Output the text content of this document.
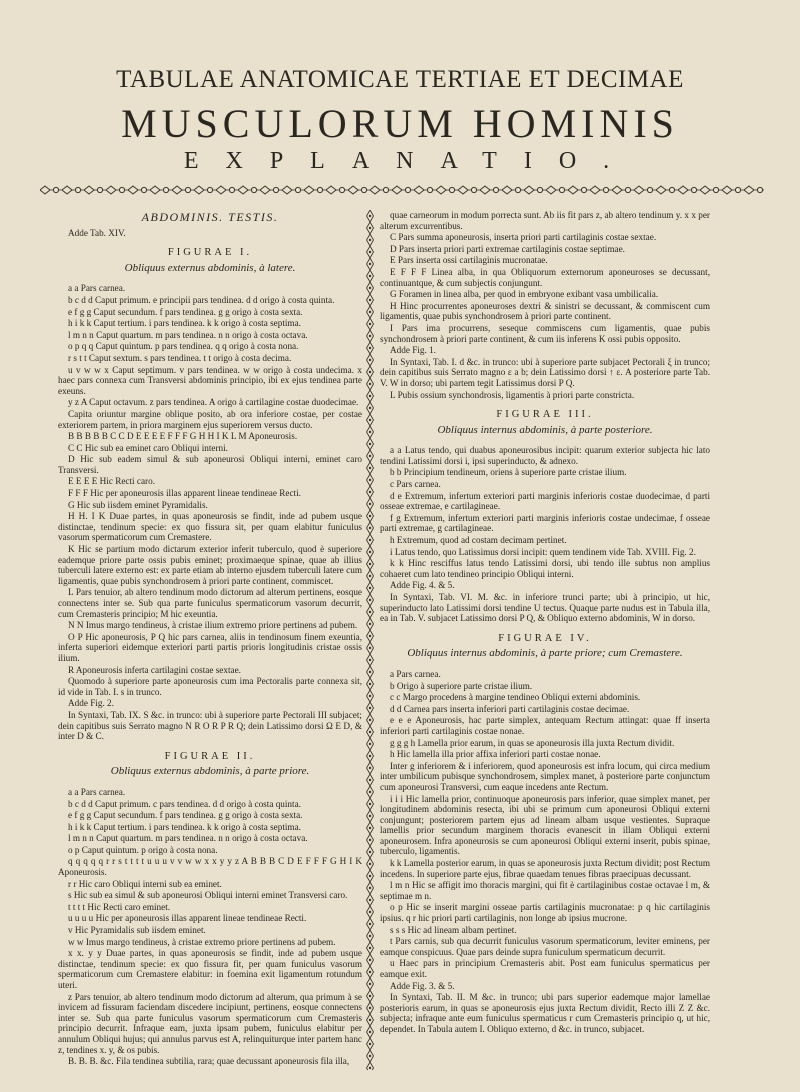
TABULAE ANATOMICAE TERTIAE ET DECIMAE
MUSCULORUM HOMINIS
EXPLANATIO.
ABDOMINIS. TESTIS.

Adde Tab. XIV.

FIGURAE I.
Obliquus externus abdominis, à latere.

a a Pars carnea.

b c d d Caput primum. e principii pars tendinea. d d origo à costa quinta.

e f g g Caput secundum. f pars tendinea. g g origo à costa sexta.

h i k k Caput tertium. i pars tendinea. k k origo à costa septima.

l m n n Caput quartum. m pars tendinea. n n origo à costa octava.

o p q q Caput quintum. p pars tendinea. q q origo à costa nona.

r s t t Caput sextum. s pars tendinea. t t origo à costa decima.

u v w w x Caput septimum. v pars tendinea. w w origo à costa undecima. x haec pars connexa cum Transversi abdominis principio, ibi ex ejus tendinea parte exeuns.

y z A Caput octavum. z pars tendinea. A origo à cartilagine costae duodecimae.

Capita oriuntur margine oblique posito, ab ora inferiore costae, per costae exteriorem partem, in priora marginem ejus superiorem versus ducto.

B B B B B C C D E E E E F F F G H H I K L M Aponeurosis.

C C Hic sub ea eminet caro Obliqui interni.

D Hic sub eadem simul & sub aponeurosi Obliqui interni, eminet caro Transversi.

E E E E Hic Recti caro.

F F F Hic per aponeurosis illas apparent lineae tendineae Recti.

G Hic sub iisdem eminet Pyramidalis.

H H. I K Duae partes, in quas aponeurosis se findit, inde ad pubem usque distinctae, tendinum specie: ex quo fissura sit, per quam elabitur funiculus vasorum spermaticorum cum Cremastere.

K Hic se partium modo dictarum exterior inferit tuberculo, quod è superiore eademque priore parte ossis pubis eminet; proximaeque spinae, quae ab illius tuberculi latere externo est: ex parte etiam ab interno ejusdem tuberculi latere cum ligamentis, quae pubis synchondrosem à priori parte continent, commiscet.

L Pars tenuior, ab altero tendinum modo dictorum ad alterum pertinens, eosque connectens inter se. Sub qua parte funiculus spermaticorum vasorum decurrit, cum Cremasteris principio; M hic exeuntia.

N N Imus margo tendineus, à cristae ilium extremo priore pertinens ad pubem.

O P Hic aponeurosis, P Q hic pars carnea, aliis in tendinosum finem exeuntia, inferta superiori eidemque exteriori parti partis prioris longitudinis cristae ossis ilium.

R Aponeurosis inferta cartilagini costae sextae.

Quomodo à superiore parte aponeurosis cum ima Pectoralis parte connexa sit, id vide in Tab. I. s in trunco.

Adde Fig. 2.

In Syntaxi, Tab. IX. S &c. in trunco: ubi à superiore parte Pectorali III subjacet; dein capitibus suis Serrato magno N R O R P R Q; dein Latissimo dorsi Ω E D, & inter D & C.

FIGURAE II.
Obliquus externus abdominis, à parte priore.

a a Pars carnea.

b c d d Caput primum. c pars tendinea. d d origo à costa quinta.

e f g g Caput secundum. f pars tendinea. g g origo à costa sexta.

h i k k Caput tertium. i pars tendinea. k k origo à costa septima.

l m n n Caput quartum. m pars tendinea. n n origo à costa octava.

o p Caput quintum. p origo à costa nona.

q q q q q r r s t t t t u u u v v w w x x y y z A B B B C D E F F F G H I K Aponeurosis.

r r Hic caro Obliqui interni sub ea eminet.

s Hic sub ea simul & sub aponeurosi Obliqui interni eminet Transversi caro.

t t t t Hic Recti caro eminet.

u u u u Hic per aponeurosis illas apparent lineae tendineae Recti.

v Hic Pyramidalis sub iisdem eminet.

w w Imus margo tendineus, à cristae extremo priore pertinens ad pubem.

x x. y y Duae partes, in quas aponeurosis se findit, inde ad pubem usque distinctae, tendinum specie: ex quo fissura fit, per quam funiculus vasorum spermaticorum cum Cremastere elabitur: in foemina exit ligamentum rotundum uteri.

z Pars tenuior, ab altero tendinum modo dictorum ad alterum, qua primum à se invicem ad fissuram faciendam discedere incipiunt, pertinens, eosque connectens inter se. Sub qua parte funiculus vasorum spermaticorum cum Cremasteris principio decurrit. Infraque eam, juxta ipsam pubem, funiculus elabitur per annulum Obliqui hujus; qui annulus parvus est A, relinquiturque inter partem hanc z, tendines x. y, & os pubis.

B. B. B. &c. Fila tendinea subtilia, rara; quae decussant aponeurosis fila illa,

quae carneorum in modum porrecta sunt. Ab iis fit pars z, ab altero tendinum y. x x per alterum excurrentibus.

C Pars summa aponeurosis, inserta priori parti cartilaginis costae sextae.

D Pars inserta priori parti extremae cartilaginis costae septimae.

E Pars inserta ossi cartilaginis mucronatae.

E F F F Linea alba, in qua Obliquorum externorum aponeuroses se decussant, continuantque, & cum subjectis conjungunt.

G Foramen in linea alba, per quod in embryone exibant vasa umbilicalia.

H Hinc procurrentes aponeuroses dextri & sinistri se decussant, & commiscent cum ligamentis, quae pubis synchondrosem à priori parte continent.

I Pars ima procurrens, seseque commiscens cum ligamentis, quae pubis synchondrosem à priori parte continent, & cum iis inferens K ossi pubis opposito.

Adde Fig. 1.

In Syntaxi, Tab. I. d &c. in trunco: ubi à superiore parte subjacet Pectorali ξ in trunco; dein capitibus suis Serrato magno ε a b; dein Latissimo dorsi ↑ ε. A posteriore parte Tab. V. W in dorso; ubi partem tegit Latissimus dorsi P Q.

L Pubis ossium synchondrosis, ligamentis à priori parte constricta.

FIGURAE III.
Obliquus internus abdominis, à parte posteriore.

a a Latus tendo, qui duabus aponeurosibus incipit: quarum exterior subjecta hic lato tendini Latissimi dorsi i, ipsi superinducto, & adnexo.

b b Principium tendineum, oriens à superiore parte cristae ilium.

c Pars carnea.

d e Extremum, infertum exteriori parti marginis inferioris costae duodecimae, d parti osseae extremae, e cartilagineae.

f g Extremum, infertum exteriori parti marginis inferioris costae undecimae, f osseae parti extremae, g cartilagineae.

h Extremum, quod ad costam decimam pertinet.

i Latus tendo, quo Latissimus dorsi incipit: quem tendinem vide Tab. XVIII. Fig. 2.

k k Hinc resciffus latus tendo Latissimi dorsi, ubi tendo ille subtus non amplius cohaeret cum lato tendineo principio Obliqui interni.

Adde Fig. 4. & 5.

In Syntaxi, Tab. VI. M. &c. in inferiore trunci parte; ubi à principio, ut hic, superinducto lato Latissimi dorsi tendine U tectus. Quaque parte nudus est in Tabula illa, ea in Tab. V. subjacet Latissimo dorsi P Q, & Obliquo externo abdominis, W in dorso.

FIGURAE IV.
Obliquus internus abdominis, à parte priore; cum Cremastere.

a Pars carnea.

b Origo à superiore parte cristae ilium.

c c Margo procedens à margine tendineo Obliqui externi abdominis.

d d Carnea pars inserta inferiori parti cartilaginis costae decimae.

e e e Aponeurosis, hac parte simplex, antequam Rectum attingat: quae ff inserta inferiori parti cartilaginis costae nonae.

g g g h Lamella prior earum, in quas se aponeurosis illa juxta Rectum dividit.

h Hic lamella illa prior affixa inferiori parti costae nonae.

Inter g inferiorem & i inferiorem, quod aponeurosis est infra locum, qui circa medium inter umbilicum pubisque synchondrosem, simplex manet, à posteriore parte conjunctum cum aponeurosi Transversi, cum eaque incedens ante Rectum.

i i i Hic lamella prior, continuoque aponeurosis pars inferior, quae simplex manet, per longitudinem abdominis resecta, ibi ubi se primum cum aponeurosi Obliqui externi conjungunt; posteriorem partem ejus ad lineam albam usque vestientes. Supraque lamellis prior secundum marginem thoracis evanescit in illam Obliqui externi aponeurosem. Infra aponeurosis se cum aponeurosi Obliqui externi inserit, pubis spinae, tuberculo, ligamentis.

k k Lamella posterior earum, in quas se aponeurosis juxta Rectum dividit; post Rectum incedens. In superiore parte ejus, fibrae quaedam tenues fibras praecipuas decussant.

l m n Hic se affigit imo thoracis margini, qui fit è cartilaginibus costae octavae l m, & septimae m n.

o p Hic se inserit margini osseae partis cartilaginis mucronatae: p q hic cartilaginis ipsius. q r hic priori parti cartilaginis, non longe ab ipsius mucrone.

s s s Hic ad lineam albam pertinet.

t Pars carnis, sub qua decurrit funiculus vasorum spermaticorum, leviter eminens, per eamque conspicuus. Quae pars deinde supra funiculum spermaticum decurrit.

u Haec pars in principium Cremasteris abit. Post eam funiculus spermaticus per eamque exit.

Adde Fig. 3. & 5.

In Syntaxi, Tab. II. M &c. in trunco; ubi pars superior eademque major lamellae posterioris earum, in quas se aponeurosis ejus juxta Rectum dividit, Recto illi Z Z &c. subjecta; infraque ante eum funiculus spermaticus r cum Cremasteris principio q, ut hic, dependet. In Tabula autem I. Obliquo externo, d &c. in trunco, subjacet.
